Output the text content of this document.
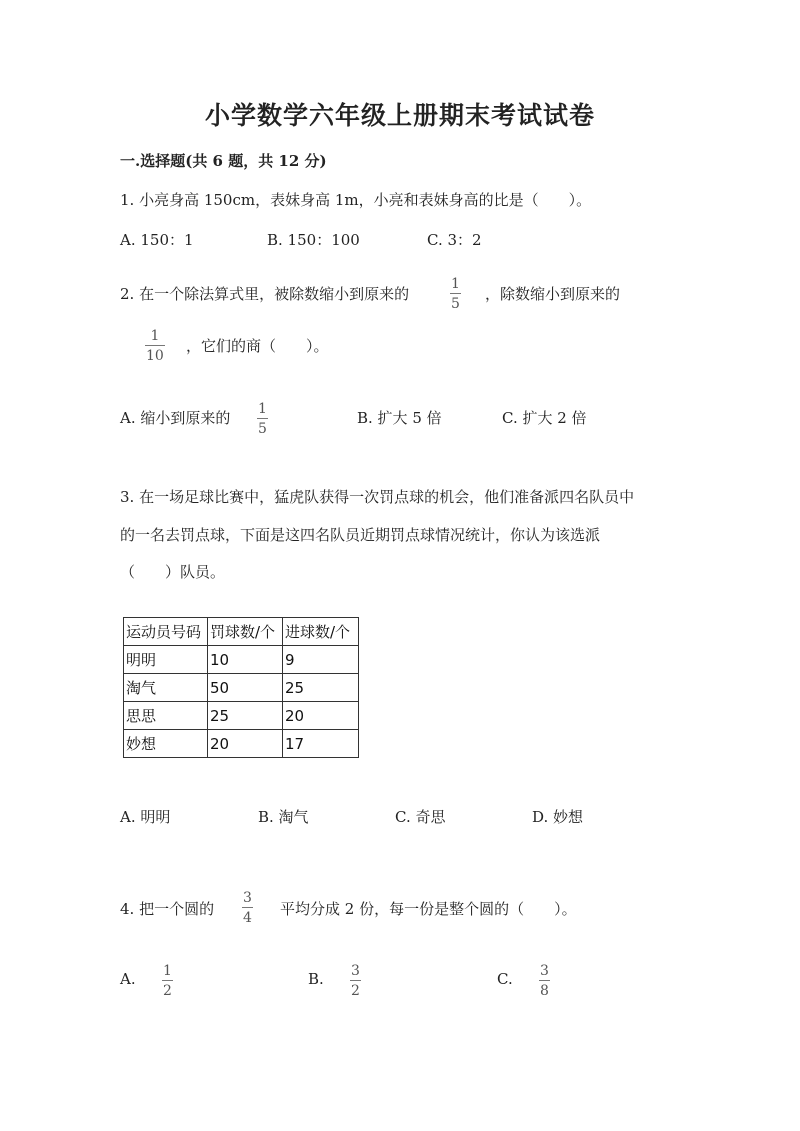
小学数学六年级上册期末考试试卷
一.选择题(共 6 题，共 12 分)
1. 小亮身高 150cm，表妹身高 1m，小亮和表妹身高的比是（　　）。
A. 150：1	B. 150：100	C. 3：2
2. 在一个除法算式里，被除数缩小到原来的
1
5
，除数缩小到原来的
1
10
，它们的商（　　）。
A. 缩小到原来的 1
5
B. 扩大 5 倍	C. 扩大 2 倍
3. 在一场足球比赛中，猛虎队获得一次罚点球的机会，他们准备派四名队员中
的一名去罚点球，下面是这四名队员近期罚点球情况统计，你认为该选派
（　　）队员。
运动员号码	罚球数/个	进球数/个
明明	10	9
淘气	50	25
思思	25	20
妙想	20	17
A. 明明	B. 淘气	C. 奇思	D. 妙想
4. 把一个圆的
3
4 平均分成 2 份，每一份是整个圆的（　　）。
A. 1
2
B. 3
2
C. 3
8
